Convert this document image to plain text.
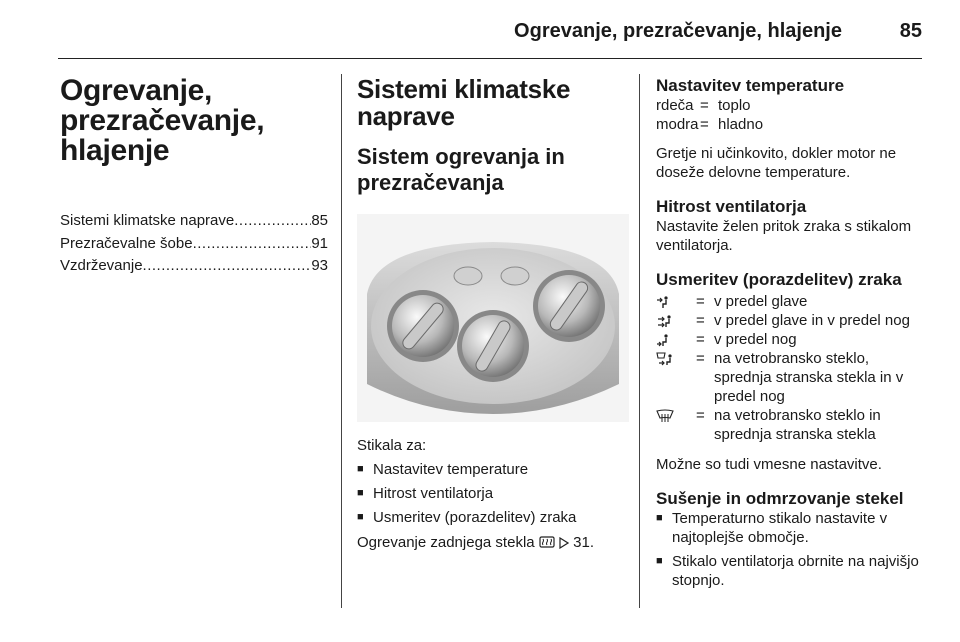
Ogrevanje, prezračevanje, hlajenje	85
Ogrevanje,
prezračevanje,
hlajenje
Sistemi klimatske naprave .....	85
Prezračevalne šobe .....	91
Vzdrževanje .....	93
Sistemi klimatske
naprave
Sistem ogrevanja in
prezračevanja
Stikala za:
■ Nastavitev temperature
■ Hitrost ventilatorja
■ Usmeritev (porazdelitev) zraka
Ogrevanje zadnjega stekla	31.
Nastavitev temperature
rdeča = toplo
modra = hladno
Gretje ni učinkovito, dokler motor ne doseže delovne temperature.
Hitrost ventilatorja
Nastavite želen pritok zraka s stikalom ventilatorja.
Usmeritev (porazdelitev) zraka
= v predel glave
= v predel glave in v predel nog
= v predel nog
= na vetrobransko steklo, sprednja stranska stekla in v predel nog
= na vetrobransko steklo in sprednja stranska stekla
Možne so tudi vmesne nastavitve.
Sušenje in odmrzovanje stekel
■ Temperaturno stikalo nastavite v najtoplejše območje.
■ Stikalo ventilatorja obrnite na najvišjo stopnjo.
